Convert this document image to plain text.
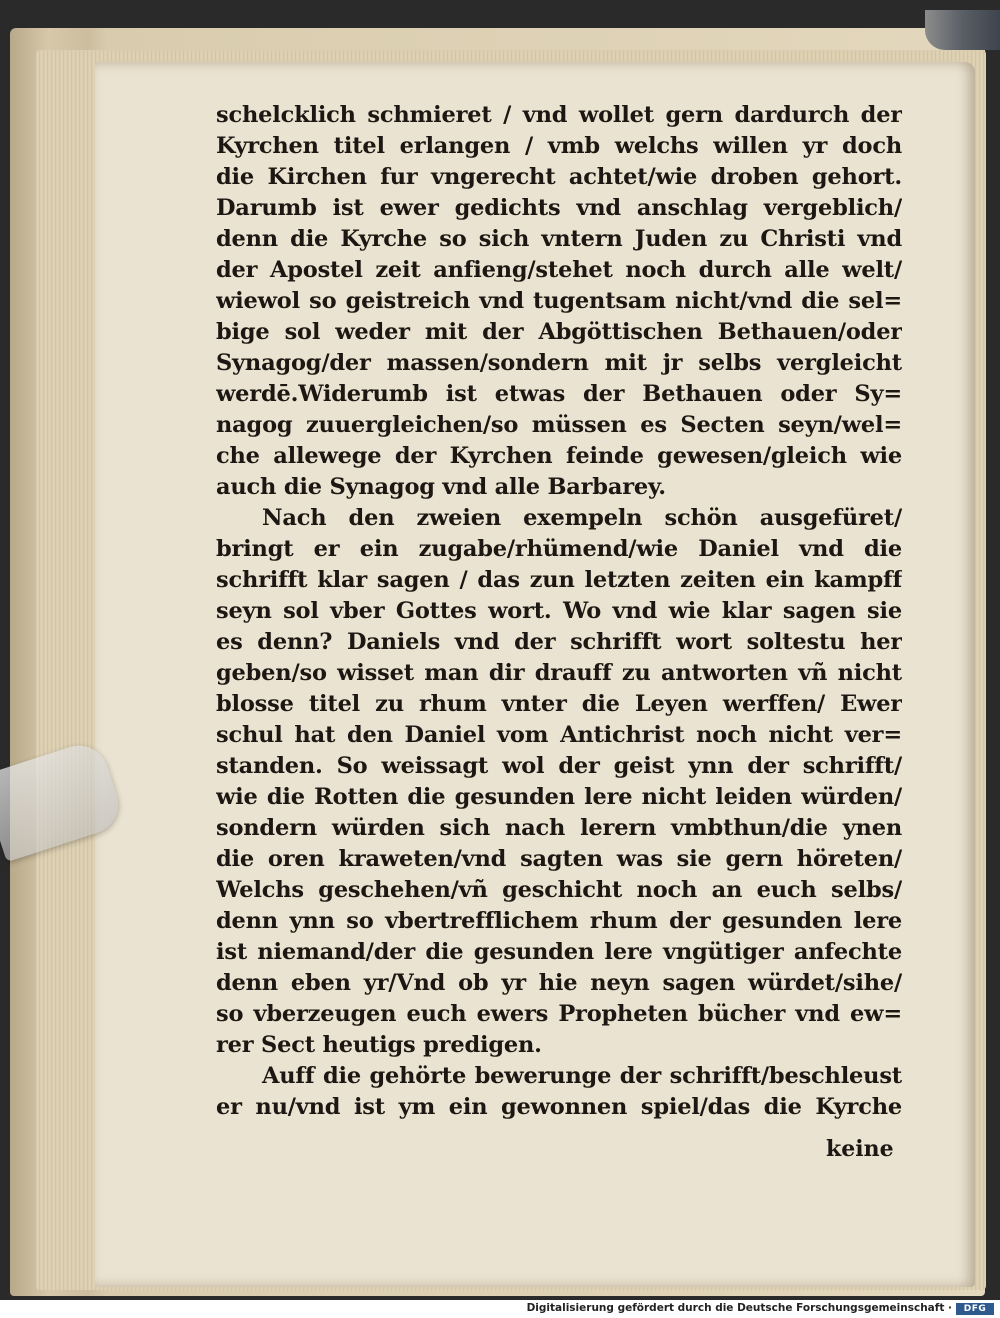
schelcklich schmieret / vnd wollet gern dardurch der
Kyrchen titel erlangen / vmb welchs willen yr doch
die Kirchen fur vngerecht achtet/wie droben gehort.
Darumb ist ewer gedichts vnd anschlag vergeblich/
denn die Kyrche so sich vntern Juden zu Christi vnd
der Apostel zeit anfieng/stehet noch durch alle welt/
wiewol so geistreich vnd tugentsam nicht/vnd die sel=
bige sol weder mit der Abgöttischen Bethauen/oder
Synagog/der massen/sondern mit jr selbs vergleicht
werdē.Widerumb ist etwas der Bethauen oder Sy=
nagog zuuergleichen/so müssen es Secten seyn/wel=
che allewege der Kyrchen feinde gewesen/gleich wie
auch die Synagog vnd alle Barbarey.
Nach den zweien exempeln schön ausgefüret/
bringt er ein zugabe/rhümend/wie Daniel vnd die
schrifft klar sagen / das zun letzten zeiten ein kampff
seyn sol vber Gottes wort. Wo vnd wie klar sagen sie
es denn? Daniels vnd der schrifft wort soltestu her
geben/so wisset man dir drauff zu antworten vñ nicht
blosse titel zu rhum vnter die Leyen werffen/ Ewer
schul hat den Daniel vom Antichrist noch nicht ver=
standen. So weissagt wol der geist ynn der schrifft/
wie die Rotten die gesunden lere nicht leiden würden/
sondern würden sich nach lerern vmbthun/die ynen
die oren kraweten/vnd sagten was sie gern höreten/
Welchs geschehen/vñ geschicht noch an euch selbs/
denn ynn so vbertrefflichem rhum der gesunden lere
ist niemand/der die gesunden lere vngütiger anfechte
denn eben yr/Vnd ob yr hie neyn sagen würdet/sihe/
so vberzeugen euch ewers Propheten bücher vnd ew=
rer Sect heutigs predigen.
Auff die gehörte bewerunge der schrifft/beschleust
er nu/vnd ist ym ein gewonnen spiel/das die Kyrche
keine
Digitalisierung gefördert durch die Deutsche Forschungsgemeinschaft ·	DFG
